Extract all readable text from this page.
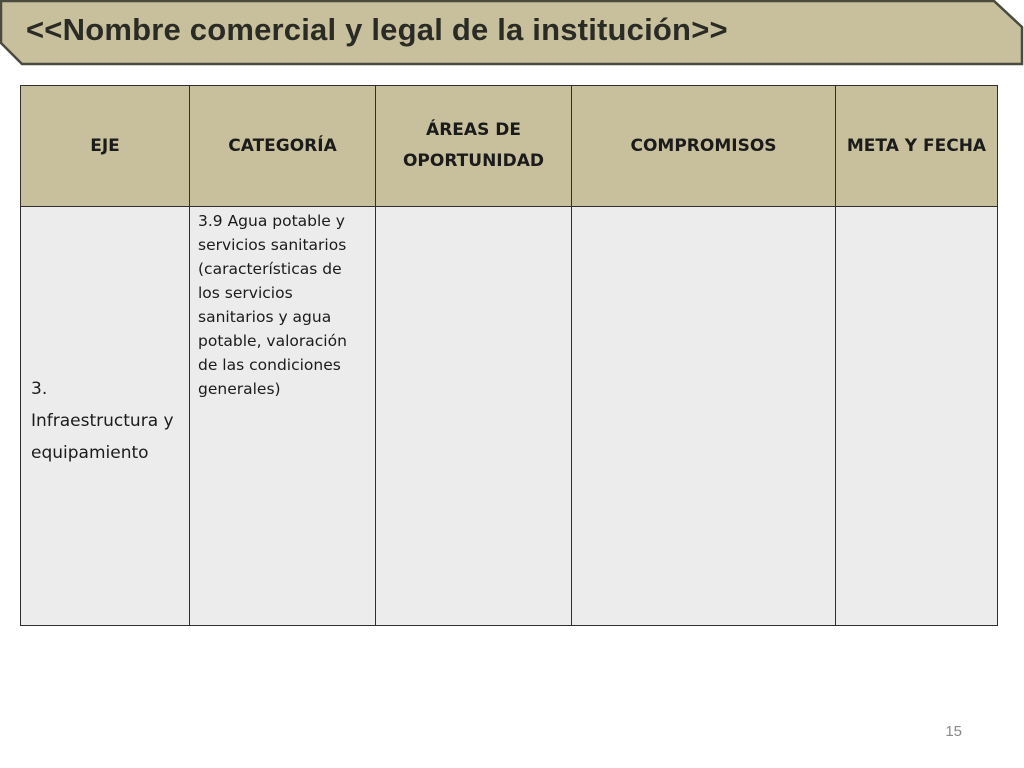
<<Nombre comercial y legal de la institución>>
EJE	CATEGORÍA	ÁREAS DE OPORTUNIDAD	COMPROMISOS	META Y FECHA

3. Infraestructura y equipamiento	3.9 Agua potable y servicios sanitarios (características de los servicios sanitarios y agua potable, valoración de las condiciones generales)			
15
